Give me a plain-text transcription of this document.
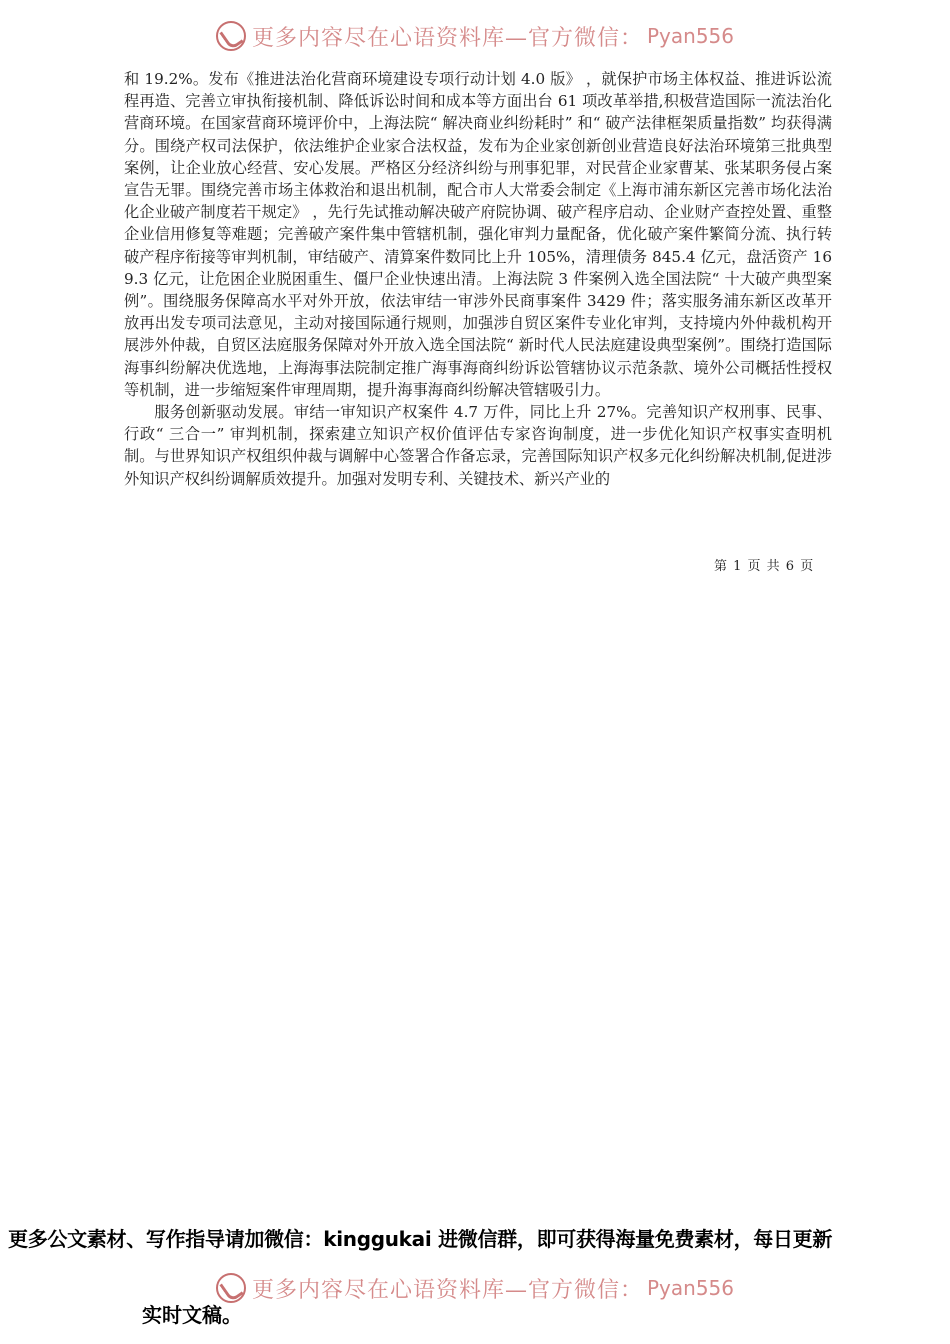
更多内容尽在心语资料库—官方微信： Pyan556

和 19.2%。发布《推进法治化营商环境建设专项行动计划 4.0 版》 ，就保护市场主体权益、推进诉讼流程再造、完善立审执衔接机制、降低诉讼时间和成本等方面出台 61 项改革举措,积极营造国际一流法治化营商环境。在国家营商环境评价中，上海法院“ 解决商业纠纷耗时” 和“ 破产法律框架质量指数” 均获得满分。围绕产权司法保护，依法维护企业家合法权益，发布为企业家创新创业营造良好法治环境第三批典型案例，让企业放心经营、安心发展。严格区分经济纠纷与刑事犯罪，对民营企业家曹某、张某职务侵占案宣告无罪。围绕完善市场主体救治和退出机制，配合市人大常委会制定《上海市浦东新区完善市场化法治化企业破产制度若干规定》 ，先行先试推动解决破产府院协调、破产程序启动、企业财产查控处置、重整企业信用修复等难题；完善破产案件集中管辖机制，强化审判力量配备，优化破产案件繁简分流、执行转破产程序衔接等审判机制，审结破产、清算案件数同比上升 105%，清理债务 845.4 亿元，盘活资产 169.3 亿元，让危困企业脱困重生、僵尸企业快速出清。上海法院 3 件案例入选全国法院“ 十大破产典型案例”。围绕服务保障高水平对外开放，依法审结一审涉外民商事案件 3429 件；落实服务浦东新区改革开放再出发专项司法意见，主动对接国际通行规则，加强涉自贸区案件专业化审判，支持境内外仲裁机构开展涉外仲裁，自贸区法庭服务保障对外开放入选全国法院“ 新时代人民法庭建设典型案例”。围绕打造国际海事纠纷解决优选地，上海海事法院制定推广海事海商纠纷诉讼管辖协议示范条款、境外公司概括性授权等机制，进一步缩短案件审理周期，提升海事海商纠纷解决管辖吸引力。

服务创新驱动发展。审结一审知识产权案件 4.7 万件，同比上升 27%。完善知识产权刑事、民事、行政“ 三合一” 审判机制，探索建立知识产权价值评估专家咨询制度，进一步优化知识产权事实查明机制。与世界知识产权组织仲裁与调解中心签署合作备忘录，完善国际知识产权多元化纠纷解决机制,促进涉外知识产权纠纷调解质效提升。加强对发明专利、关键技术、新兴产业的

第 1 页 共 6 页
更多公文素材、写作指导请加微信：kinggukai 进微信群，即可获得海量免费素材，每日更新
实时文稿。
更多内容尽在心语资料库—官方微信： Pyan556
